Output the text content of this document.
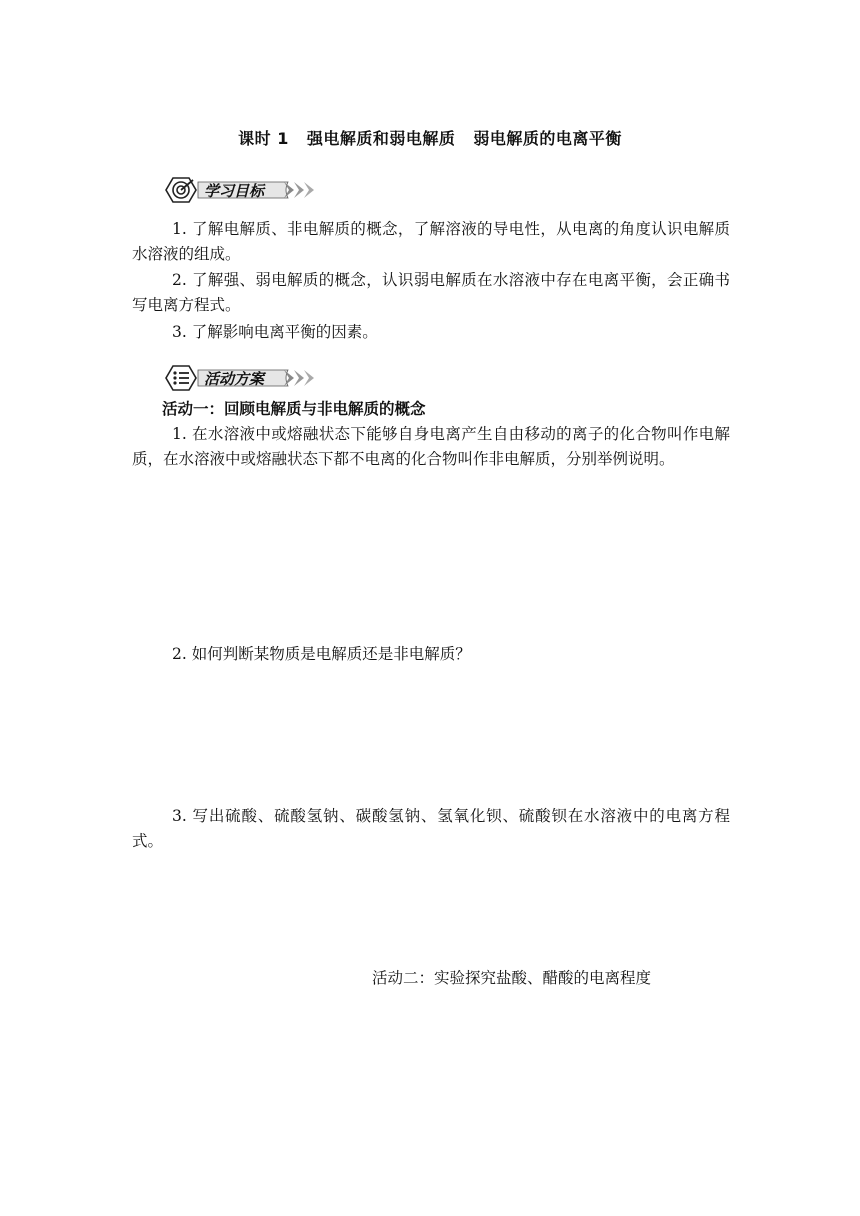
课时 1 强电解质和弱电解质 弱电解质的电离平衡
学习目标
1. 了解电解质、非电解质的概念，了解溶液的导电性，从电离的角度认识电解质水溶液的组成。
2. 了解强、弱电解质的概念，认识弱电解质在水溶液中存在电离平衡，会正确书写电离方程式。
3. 了解影响电离平衡的因素。
活动方案
活动一：回顾电解质与非电解质的概念
1. 在水溶液中或熔融状态下能够自身电离产生自由移动的离子的化合物叫作电解质，在水溶液中或熔融状态下都不电离的化合物叫作非电解质，分别举例说明。
2. 如何判断某物质是电解质还是非电解质？
3. 写出硫酸、硫酸氢钠、碳酸氢钠、氢氧化钡、硫酸钡在水溶液中的电离方程式。
活动二：实验探究盐酸、醋酸的电离程度
